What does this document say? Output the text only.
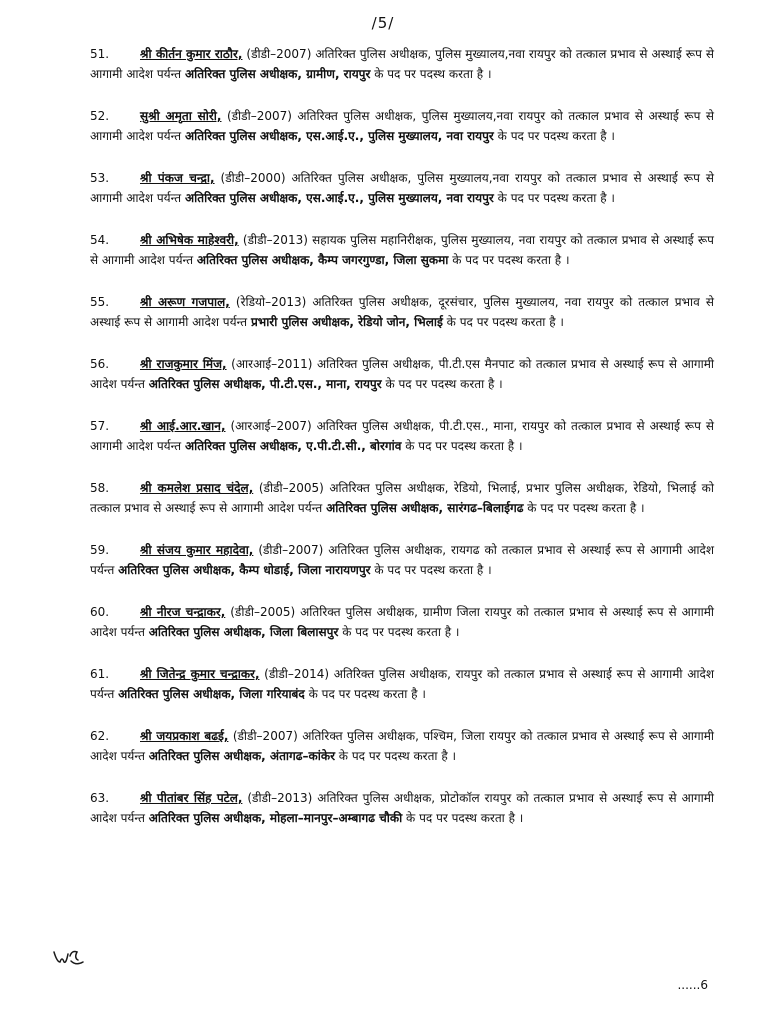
/5/

51.	श्री कीर्तन कुमार राठौर, (डीडी–2007) अतिरिक्त पुलिस अधीक्षक, पुलिस मुख्यालय,नवा रायपुर को तत्काल प्रभाव से अस्थाई रूप से आगामी आदेश पर्यन्त अतिरिक्त पुलिस अधीक्षक, ग्रामीण, रायपुर के पद पर पदस्थ करता है ।

52.	सुश्री अमृता सोरी, (डीडी–2007) अतिरिक्त पुलिस अधीक्षक, पुलिस मुख्यालय,नवा रायपुर को तत्काल प्रभाव से अस्थाई रूप से आगामी आदेश पर्यन्त अतिरिक्त पुलिस अधीक्षक, एस.आई.ए., पुलिस मुख्यालय, नवा रायपुर के पद पर पदस्थ करता है ।

53.	श्री पंकज चन्द्रा, (डीडी–2000) अतिरिक्त पुलिस अधीक्षक, पुलिस मुख्यालय,नवा रायपुर को तत्काल प्रभाव से अस्थाई रूप से आगामी आदेश पर्यन्त अतिरिक्त पुलिस अधीक्षक, एस.आई.ए., पुलिस मुख्यालय, नवा रायपुर के पद पर पदस्थ करता है ।

54.	श्री अभिषेक माहेश्वरी, (डीडी–2013) सहायक पुलिस महानिरीक्षक, पुलिस मुख्यालय, नवा रायपुर को तत्काल प्रभाव से अस्थाई रूप से आगामी आदेश पर्यन्त अतिरिक्त पुलिस अधीक्षक, कैम्प जगरगुण्डा, जिला सुकमा के पद पर पदस्थ करता है ।

55.	श्री अरूण गजपाल, (रेडियो–2013) अतिरिक्त पुलिस अधीक्षक, दूरसंचार, पुलिस मुख्यालय, नवा रायपुर को तत्काल प्रभाव से अस्थाई रूप से आगामी आदेश पर्यन्त प्रभारी पुलिस अधीक्षक, रेडियो जोन, भिलाई के पद पर पदस्थ करता है ।

56.	श्री राजकुमार मिंज, (आरआई–2011) अतिरिक्त पुलिस अधीक्षक, पी.टी.एस मैनपाट को तत्काल प्रभाव से अस्थाई रूप से आगामी आदेश पर्यन्त अतिरिक्त पुलिस अधीक्षक, पी.टी.एस., माना, रायपुर के पद पर पदस्थ करता है ।

57.	श्री आई.आर.खान, (आरआई–2007) अतिरिक्त पुलिस अधीक्षक, पी.टी.एस., माना, रायपुर को तत्काल प्रभाव से अस्थाई रूप से आगामी आदेश पर्यन्त अतिरिक्त पुलिस अधीक्षक, ए.पी.टी.सी., बोरगांव के पद पर पदस्थ करता है ।

58.	श्री कमलेश प्रसाद चंदेल, (डीडी–2005) अतिरिक्त पुलिस अधीक्षक, रेडियो, भिलाई, प्रभार पुलिस अधीक्षक, रेडियो, भिलाई को तत्काल प्रभाव से अस्थाई रूप से आगामी आदेश पर्यन्त अतिरिक्त पुलिस अधीक्षक, सारंगढ–बिलाईगढ के पद पर पदस्थ करता है ।

59.	श्री संजय कुमार महादेवा, (डीडी–2007) अतिरिक्त पुलिस अधीक्षक, रायगढ को तत्काल प्रभाव से अस्थाई रूप से आगामी आदेश पर्यन्त अतिरिक्त पुलिस अधीक्षक, कैम्प धोडाई, जिला नारायणपुर के पद पर पदस्थ करता है ।

60.	श्री नीरज चन्द्राकर, (डीडी–2005) अतिरिक्त पुलिस अधीक्षक, ग्रामीण जिला रायपुर को तत्काल प्रभाव से अस्थाई रूप से आगामी आदेश पर्यन्त अतिरिक्त पुलिस अधीक्षक, जिला बिलासपुर के पद पर पदस्थ करता है ।

61.	श्री जितेन्द्र कुमार चन्द्राकर, (डीडी–2014) अतिरिक्त पुलिस अधीक्षक, रायपुर को तत्काल प्रभाव से अस्थाई रूप से आगामी आदेश पर्यन्त अतिरिक्त पुलिस अधीक्षक, जिला गरियाबंद के पद पर पदस्थ करता है ।

62.	श्री जयप्रकाश बढई, (डीडी–2007) अतिरिक्त पुलिस अधीक्षक, पश्चिम, जिला रायपुर को तत्काल प्रभाव से अस्थाई रूप से आगामी आदेश पर्यन्त अतिरिक्त पुलिस अधीक्षक, अंतागढ–कांकेर के पद पर पदस्थ करता है ।

63.	श्री पीतांबर सिंह पटेल, (डीडी–2013) अतिरिक्त पुलिस अधीक्षक, प्रोटोकॉल रायपुर को तत्काल प्रभाव से अस्थाई रूप से आगामी आदेश पर्यन्त अतिरिक्त पुलिस अधीक्षक, मोहला–मानपुर–अम्बागढ चौकी के पद पर पदस्थ करता है ।

......6
